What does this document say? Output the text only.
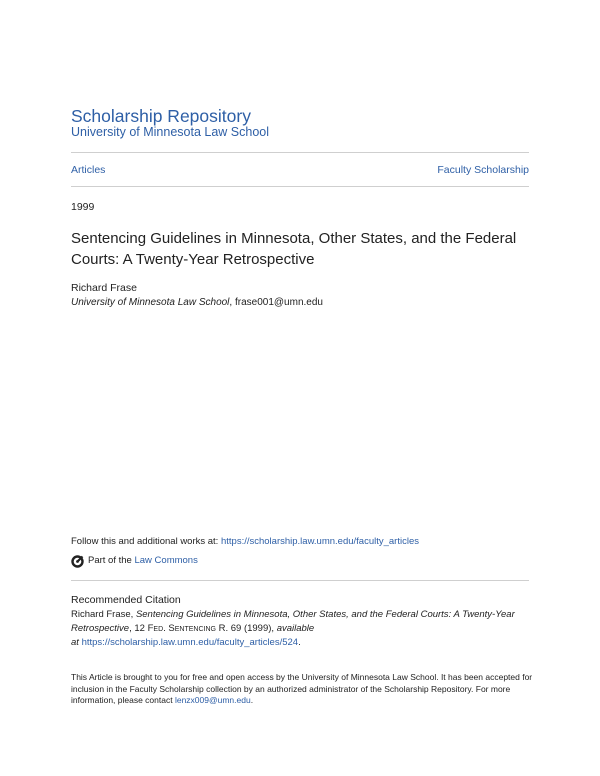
Scholarship Repository
University of Minnesota Law School
Articles	Faculty Scholarship
1999
Sentencing Guidelines in Minnesota, Other States, and the Federal Courts: A Twenty-Year Retrospective
Richard Frase
University of Minnesota Law School, frase001@umn.edu
Follow this and additional works at: https://scholarship.law.umn.edu/faculty_articles
Part of the
Law Commons
Recommended Citation
Richard Frase, Sentencing Guidelines in Minnesota, Other States, and the Federal Courts: A Twenty-Year Retrospective, 12 Fed. Sentencing R. 69 (1999), available at https://scholarship.law.umn.edu/faculty_articles/524.
This Article is brought to you for free and open access by the University of Minnesota Law School. It has been accepted for inclusion in the Faculty Scholarship collection by an authorized administrator of the Scholarship Repository. For more information, please contact lenzx009@umn.edu.
